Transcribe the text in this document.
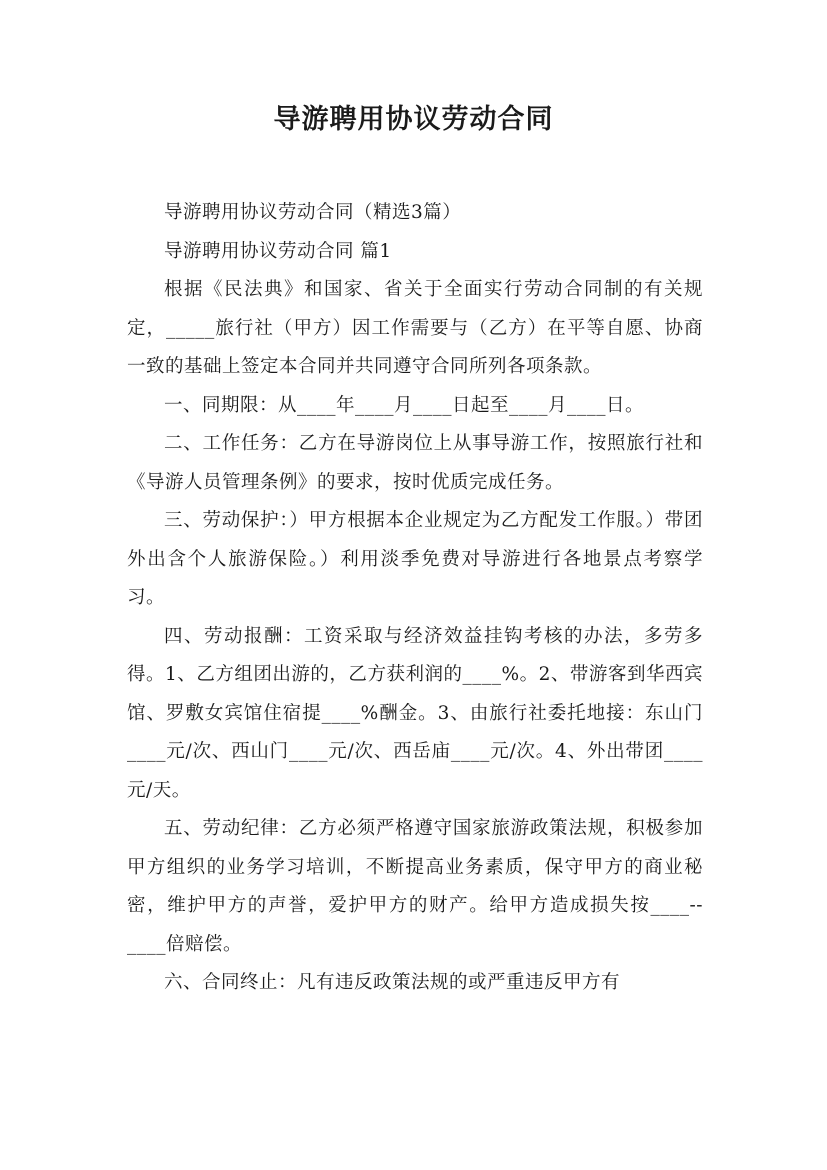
导游聘用协议劳动合同

导游聘用协议劳动合同（精选3篇）

导游聘用协议劳动合同 篇1

根据《民法典》和国家、省关于全面实行劳动合同制的有关规定，_____旅行社（甲方）因工作需要与（乙方）在平等自愿、协商一致的基础上签定本合同并共同遵守合同所列各项条款。

一、同期限：从____年____月____日起至____月____日。

二、工作任务：乙方在导游岗位上从事导游工作，按照旅行社和《导游人员管理条例》的要求，按时优质完成任务。

三、劳动保护：）甲方根据本企业规定为乙方配发工作服。）带团外出含个人旅游保险。）利用淡季免费对导游进行各地景点考察学习。

四、劳动报酬：工资采取与经济效益挂钩考核的办法，多劳多得。1、乙方组团出游的，乙方获利润的____%。2、带游客到华西宾馆、罗敷女宾馆住宿提____%酬金。3、由旅行社委托地接：东山门____元/次、西山门____元/次、西岳庙____元/次。4、外出带团____元/天。

五、劳动纪律：乙方必须严格遵守国家旅游政策法规，积极参加甲方组织的业务学习培训，不断提高业务素质，保守甲方的商业秘密，维护甲方的声誉，爱护甲方的财产。给甲方造成损失按____--____倍赔偿。

六、合同终止：凡有违反政策法规的或严重违反甲方有
